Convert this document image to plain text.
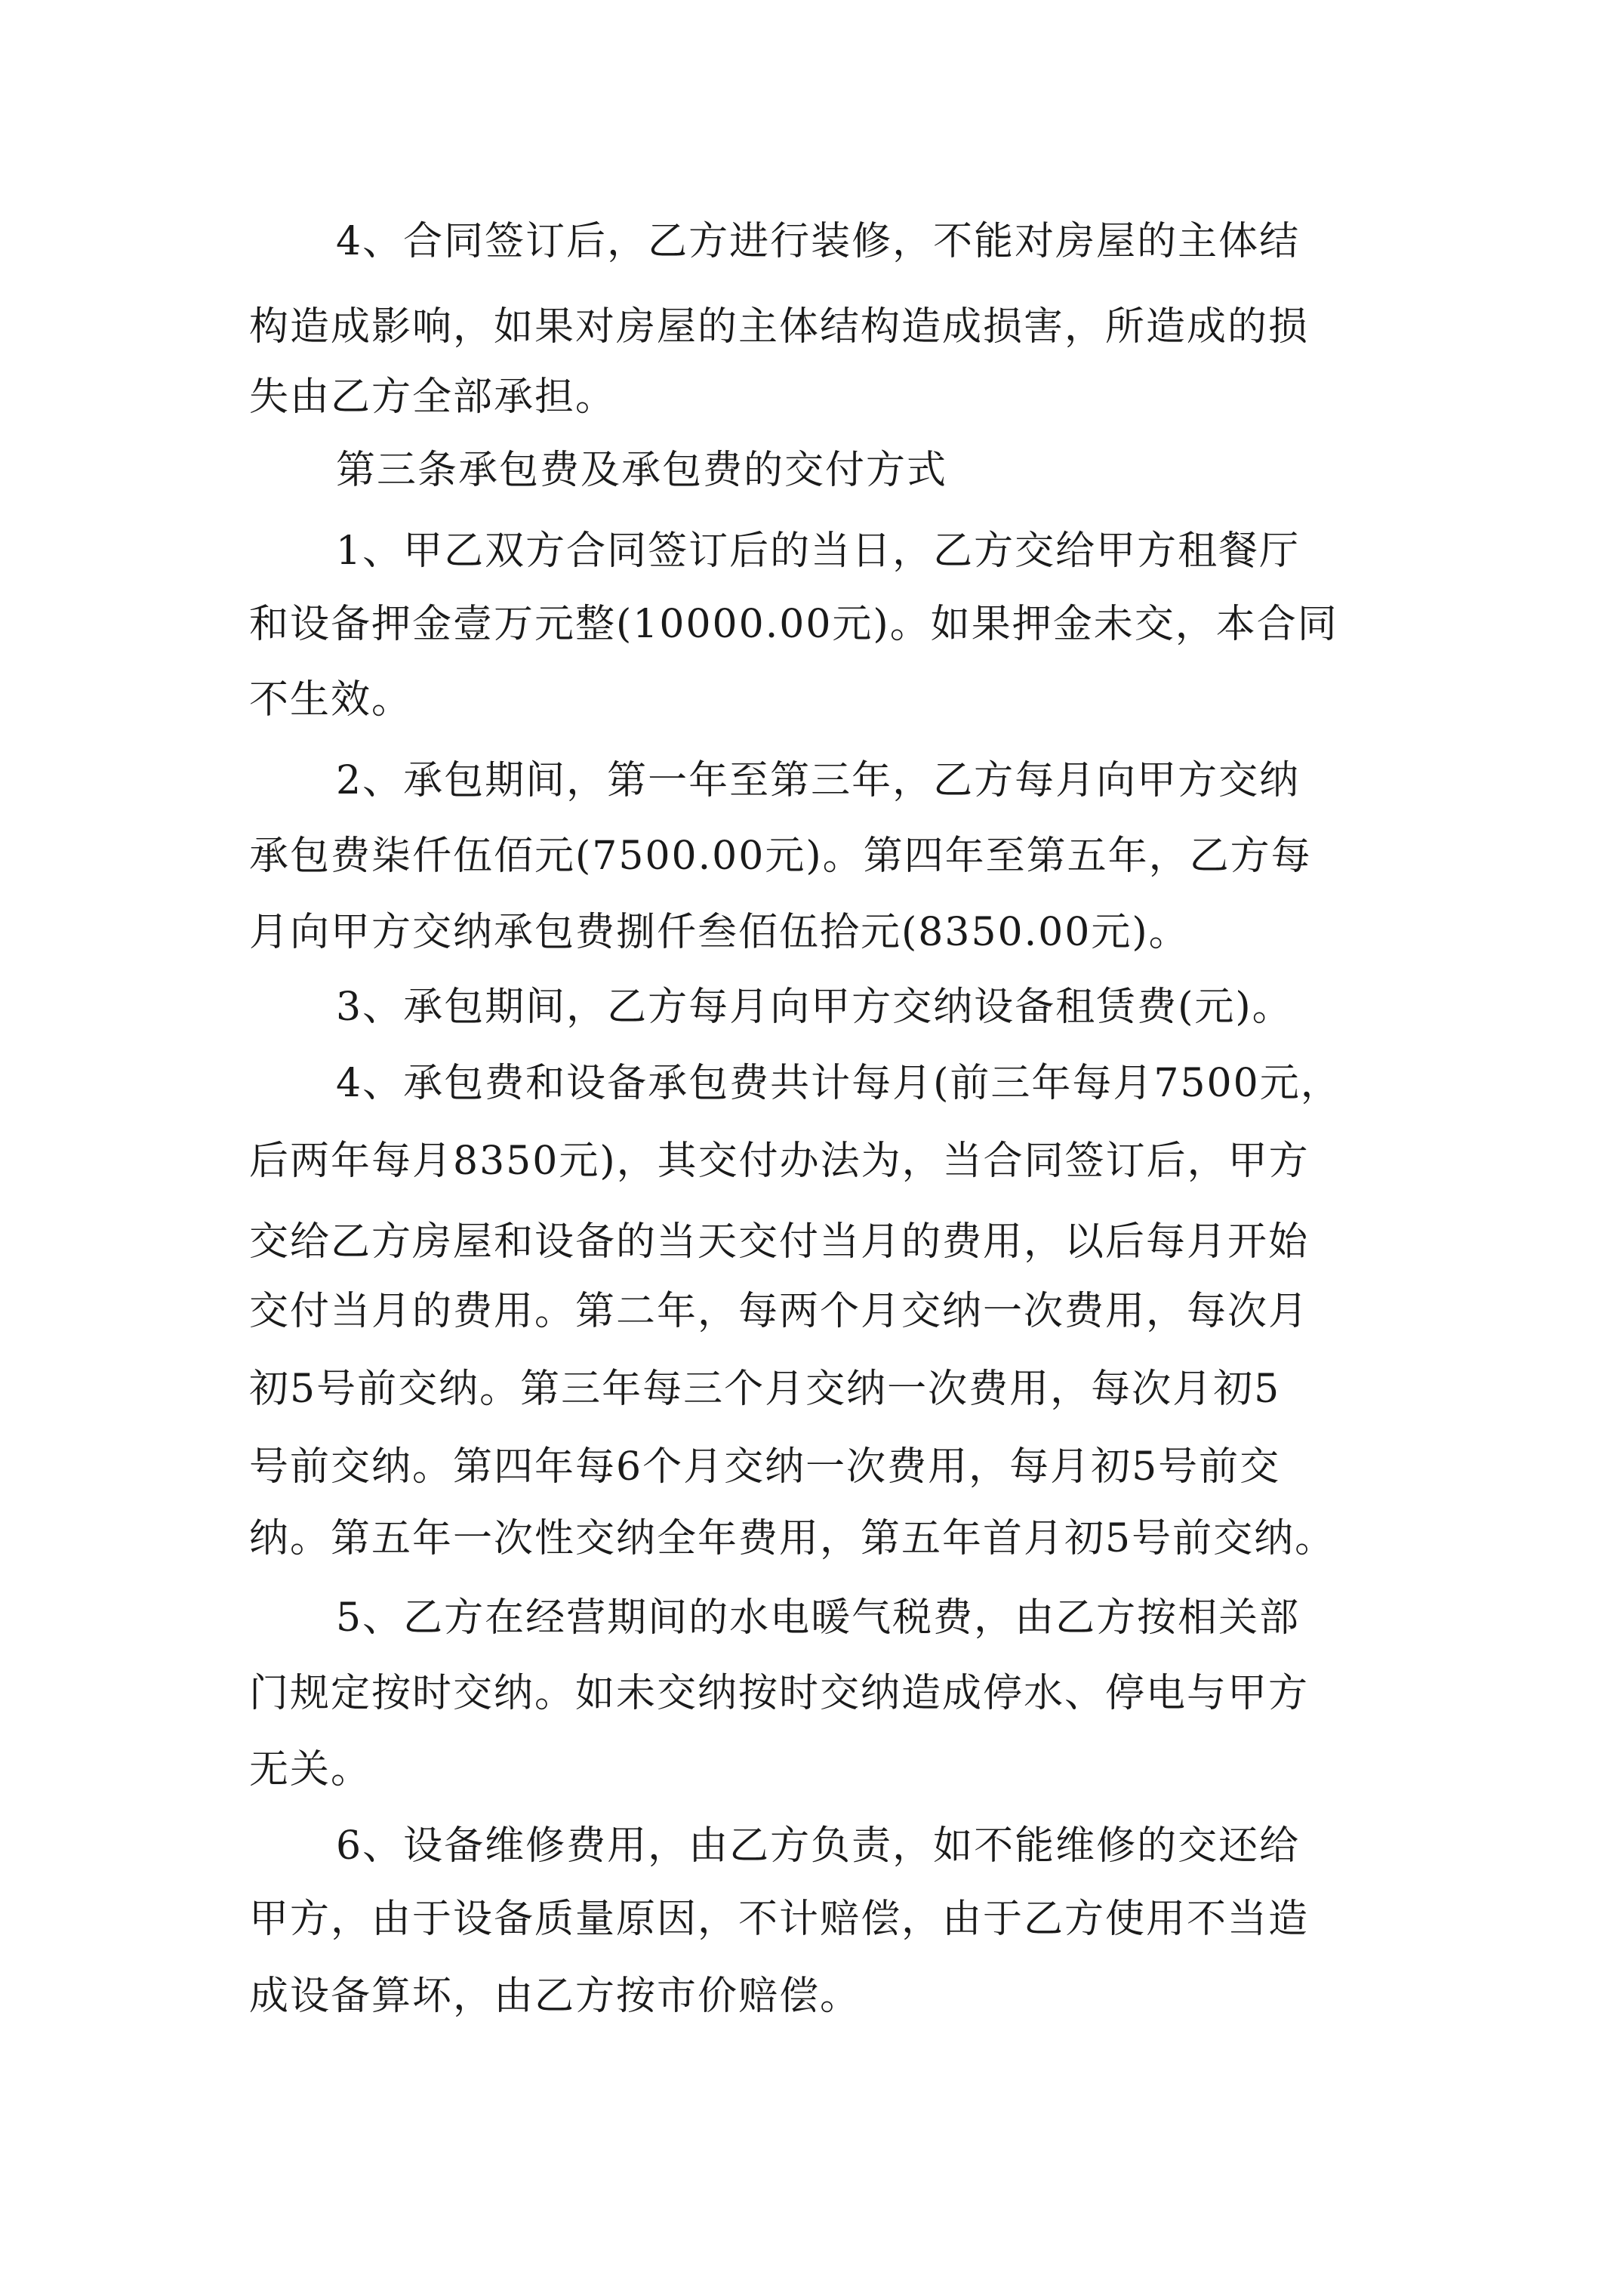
4、合同签订后，乙方进行装修，不能对房屋的主体结
构造成影响，如果对房屋的主体结构造成损害，所造成的损
失由乙方全部承担。
第三条承包费及承包费的交付方式
1、甲乙双方合同签订后的当日，乙方交给甲方租餐厅
和设备押金壹万元整(10000.00元)。如果押金未交，本合同
不生效。
2、承包期间，第一年至第三年，乙方每月向甲方交纳
承包费柒仟伍佰元(7500.00元)。第四年至第五年，乙方每
月向甲方交纳承包费捌仟叁佰伍拾元(8350.00元)。
3、承包期间，乙方每月向甲方交纳设备租赁费(元)。
4、承包费和设备承包费共计每月(前三年每月7500元，
后两年每月8350元)，其交付办法为，当合同签订后，甲方
交给乙方房屋和设备的当天交付当月的费用，以后每月开始
交付当月的费用。第二年，每两个月交纳一次费用，每次月
初5号前交纳。第三年每三个月交纳一次费用，每次月初5
号前交纳。第四年每6个月交纳一次费用，每月初5号前交
纳。第五年一次性交纳全年费用，第五年首月初5号前交纳。
5、乙方在经营期间的水电暖气税费，由乙方按相关部
门规定按时交纳。如未交纳按时交纳造成停水、停电与甲方
无关。
6、设备维修费用，由乙方负责，如不能维修的交还给
甲方，由于设备质量原因，不计赔偿，由于乙方使用不当造
成设备算坏，由乙方按市价赔偿。
